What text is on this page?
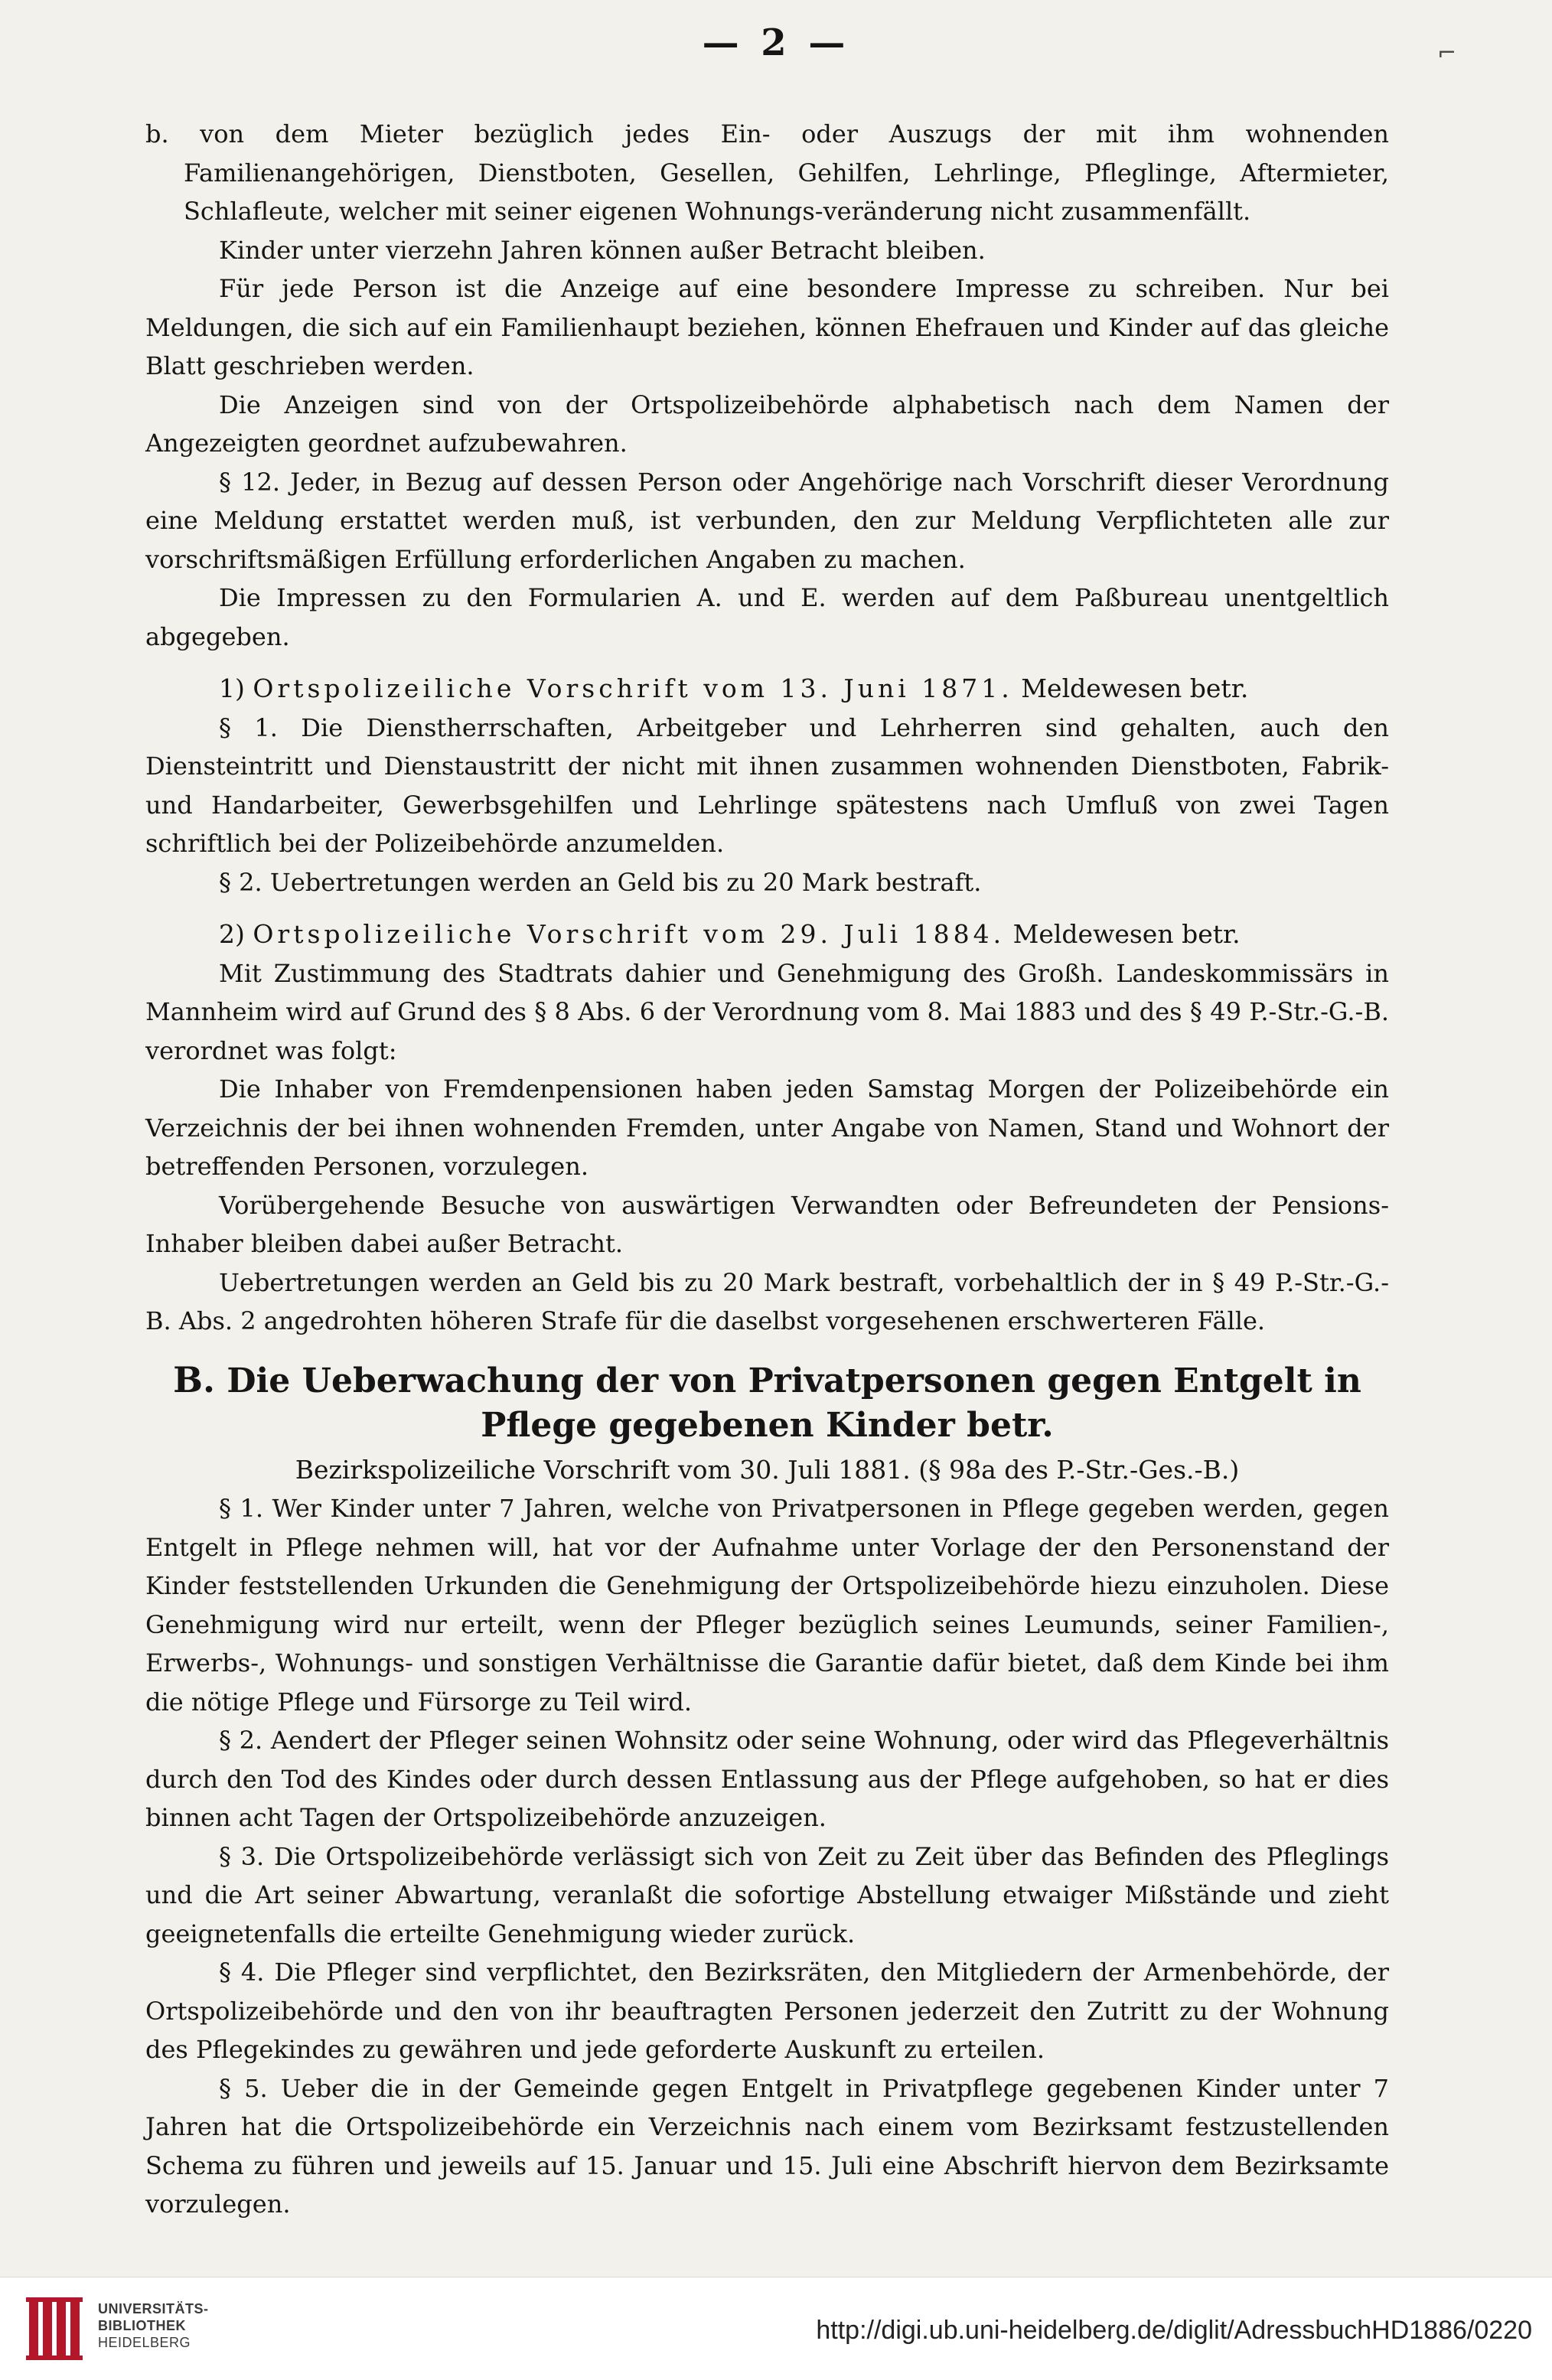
— 2 —	⌐

b. von dem Mieter bezüglich jedes Ein- oder Auszugs der mit ihm wohnenden Familienangehörigen, Dienstboten, Gesellen, Gehilfen, Lehrlinge, Pfleglinge, Aftermieter, Schlafleute, welcher mit seiner eigenen Wohnungs-veränderung nicht zusammenfällt.

Kinder unter vierzehn Jahren können außer Betracht bleiben.

Für jede Person ist die Anzeige auf eine besondere Impresse zu schreiben. Nur bei Meldungen, die sich auf ein Familienhaupt beziehen, können Ehefrauen und Kinder auf das gleiche Blatt geschrieben werden.

Die Anzeigen sind von der Ortspolizeibehörde alphabetisch nach dem Namen der Angezeigten geordnet aufzubewahren.

§ 12. Jeder, in Bezug auf dessen Person oder Angehörige nach Vorschrift dieser Verordnung eine Meldung erstattet werden muß, ist verbunden, den zur Meldung Verpflichteten alle zur vorschriftsmäßigen Erfüllung erforderlichen Angaben zu machen.

Die Impressen zu den Formularien A. und E. werden auf dem Paßbureau unentgeltlich abgegeben.

1) Ortspolizeiliche Vorschrift vom 13. Juni 1871. Meldewesen betr.

§ 1. Die Dienstherrschaften, Arbeitgeber und Lehrherren sind gehalten, auch den Diensteintritt und Dienstaustritt der nicht mit ihnen zusammen wohnenden Dienstboten, Fabrik- und Handarbeiter, Gewerbsgehilfen und Lehrlinge spätestens nach Umfluß von zwei Tagen schriftlich bei der Polizeibehörde anzumelden.

§ 2. Uebertretungen werden an Geld bis zu 20 Mark bestraft.

2) Ortspolizeiliche Vorschrift vom 29. Juli 1884. Meldewesen betr.

Mit Zustimmung des Stadtrats dahier und Genehmigung des Großh. Landeskommissärs in Mannheim wird auf Grund des § 8 Abs. 6 der Verordnung vom 8. Mai 1883 und des § 49 P.-Str.-G.-B. verordnet was folgt:

Die Inhaber von Fremdenpensionen haben jeden Samstag Morgen der Polizeibehörde ein Verzeichnis der bei ihnen wohnenden Fremden, unter Angabe von Namen, Stand und Wohnort der betreffenden Personen, vorzulegen.

Vorübergehende Besuche von auswärtigen Verwandten oder Befreundeten der Pensions-Inhaber bleiben dabei außer Betracht.

Uebertretungen werden an Geld bis zu 20 Mark bestraft, vorbehaltlich der in § 49 P.-Str.-G.-B. Abs. 2 angedrohten höheren Strafe für die daselbst vorgesehenen erschwerteren Fälle.

B. Die Ueberwachung der von Privatpersonen gegen Entgelt in Pflege gegebenen Kinder betr.

Bezirkspolizeiliche Vorschrift vom 30. Juli 1881. (§ 98a des P.-Str.-Ges.-B.)

§ 1. Wer Kinder unter 7 Jahren, welche von Privatpersonen in Pflege gegeben werden, gegen Entgelt in Pflege nehmen will, hat vor der Aufnahme unter Vorlage der den Personenstand der Kinder feststellenden Urkunden die Genehmigung der Ortspolizeibehörde hiezu einzuholen. Diese Genehmigung wird nur erteilt, wenn der Pfleger bezüglich seines Leumunds, seiner Familien-, Erwerbs-, Wohnungs- und sonstigen Verhältnisse die Garantie dafür bietet, daß dem Kinde bei ihm die nötige Pflege und Fürsorge zu Teil wird.

§ 2. Aendert der Pfleger seinen Wohnsitz oder seine Wohnung, oder wird das Pflegeverhältnis durch den Tod des Kindes oder durch dessen Entlassung aus der Pflege aufgehoben, so hat er dies binnen acht Tagen der Ortspolizeibehörde anzuzeigen.

§ 3. Die Ortspolizeibehörde verlässigt sich von Zeit zu Zeit über das Befinden des Pfleglings und die Art seiner Abwartung, veranlaßt die sofortige Abstellung etwaiger Mißstände und zieht geeignetenfalls die erteilte Genehmigung wieder zurück.

§ 4. Die Pfleger sind verpflichtet, den Bezirksräten, den Mitgliedern der Armenbehörde, der Ortspolizeibehörde und den von ihr beauftragten Personen jederzeit den Zutritt zu der Wohnung des Pflegekindes zu gewähren und jede geforderte Auskunft zu erteilen.

§ 5. Ueber die in der Gemeinde gegen Entgelt in Privatpflege gegebenen Kinder unter 7 Jahren hat die Ortspolizeibehörde ein Verzeichnis nach einem vom Bezirksamt festzustellenden Schema zu führen und jeweils auf 15. Januar und 15. Juli eine Abschrift hiervon dem Bezirksamte vorzulegen.

UNIVERSITÄTS-
BIBLIOTHEK
HEIDELBERG	http://digi.ub.uni-heidelberg.de/diglit/AdressbuchHD1886/0220
